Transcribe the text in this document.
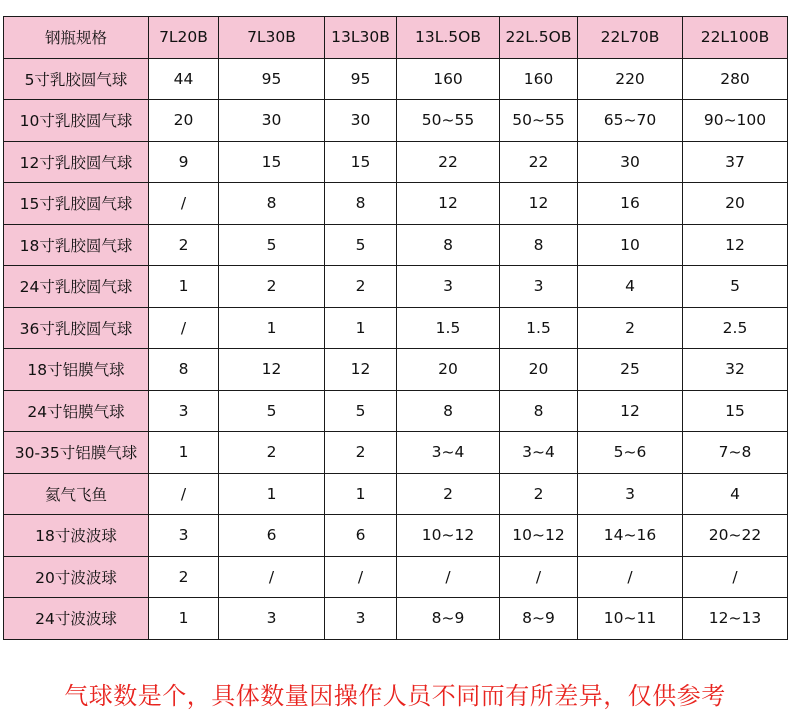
钢瓶规格	7L20B	7L30B	13L30B	13L.5OB	22L.5OB	22L70B	22L100B
5寸乳胶圆气球	44	95	95	160	160	220	280
10寸乳胶圆气球	20	30	30	50~55	50~55	65~70	90~100
12寸乳胶圆气球	9	15	15	22	22	30	37
15寸乳胶圆气球	/	8	8	12	12	16	20
18寸乳胶圆气球	2	5	5	8	8	10	12
24寸乳胶圆气球	1	2	2	3	3	4	5
36寸乳胶圆气球	/	1	1	1.5	1.5	2	2.5
18寸铝膜气球	8	12	12	20	20	25	32
24寸铝膜气球	3	5	5	8	8	12	15
30-35寸铝膜气球	1	2	2	3~4	3~4	5~6	7~8
氦气飞鱼	/	1	1	2	2	3	4
18寸波波球	3	6	6	10~12	10~12	14~16	20~22
20寸波波球	2	/	/	/	/	/	/
24寸波波球	1	3	3	8~9	8~9	10~11	12~13
气球数是个，具体数量因操作人员不同而有所差异，仅供参考
